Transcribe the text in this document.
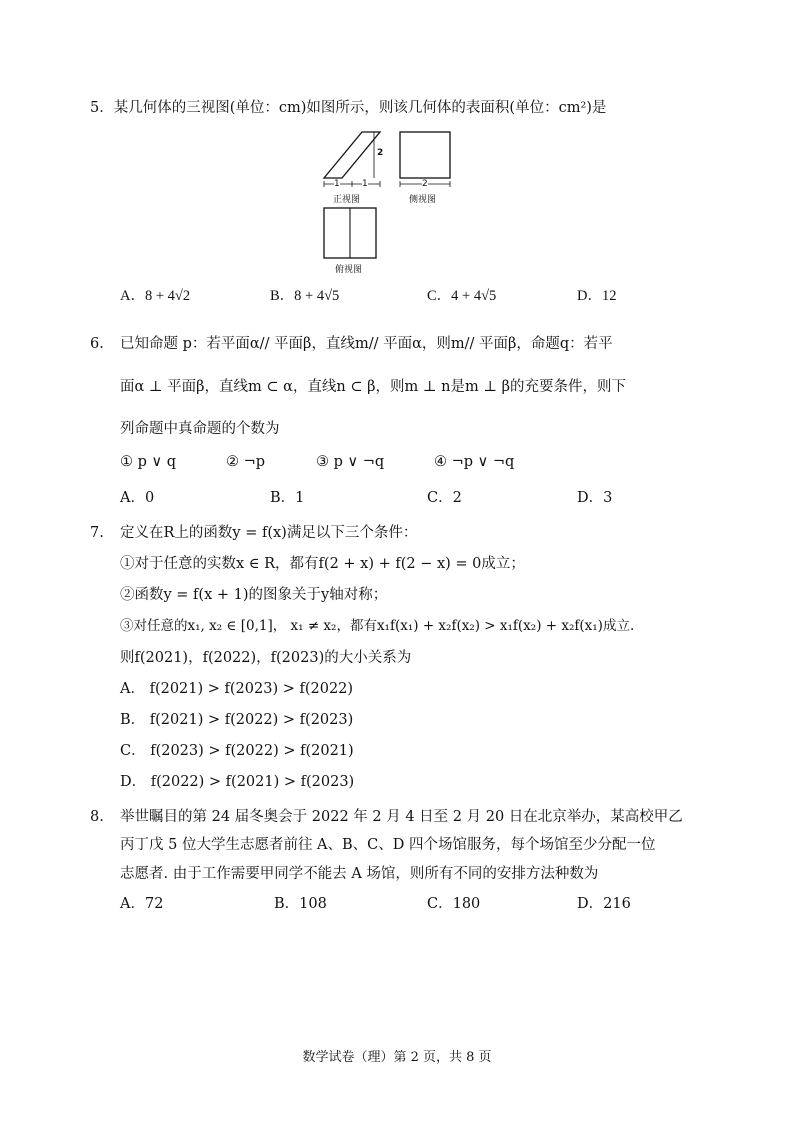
5．某几何体的三视图(单位：cm)如图所示，则该几何体的表面积(单位：cm²)是
2
1 1	2
正视图	侧视图
俯视图
A．8 + 4√2	B．8 + 4√5	C．4 + 4√5	D．12
6. 已知命题 p：若平面α// 平面β，直线m// 平面α，则m// 平面β，命题q：若平
面α ⊥ 平面β，直线m ⊂ α，直线n ⊂ β，则m ⊥ n是m ⊥ β的充要条件，则下
列命题中真命题的个数为
① p ∨ q	② ¬p	③ p ∨ ¬q	④ ¬p ∨ ¬q
A．0	B．1	C．2	D．3
7. 定义在R上的函数y = f(x)满足以下三个条件：
①对于任意的实数x ∈ R，都有f(2 + x) + f(2 − x) = 0成立；
②函数y = f(x + 1)的图象关于y轴对称；
③对任意的x₁, x₂ ∈ [0,1]， x₁ ≠ x₂，都有x₁f(x₁) + x₂f(x₂) > x₁f(x₂) + x₂f(x₁)成立.
则f(2021)，f(2022)，f(2023)的大小关系为
A． f(2021) > f(2023) > f(2022)
B． f(2021) > f(2022) > f(2023)
C． f(2023) > f(2022) > f(2021)
D． f(2022) > f(2021) > f(2023)
8. 举世瞩目的第 24 届冬奥会于 2022 年 2 月 4 日至 2 月 20 日在北京举办，某高校甲乙
丙丁戊 5 位大学生志愿者前往 A、B、C、D 四个场馆服务，每个场馆至少分配一位
志愿者. 由于工作需要甲同学不能去 A 场馆，则所有不同的安排方法种数为
A．72	B．108	C．180	D．216
数学试卷（理）第 2 页，共 8 页
